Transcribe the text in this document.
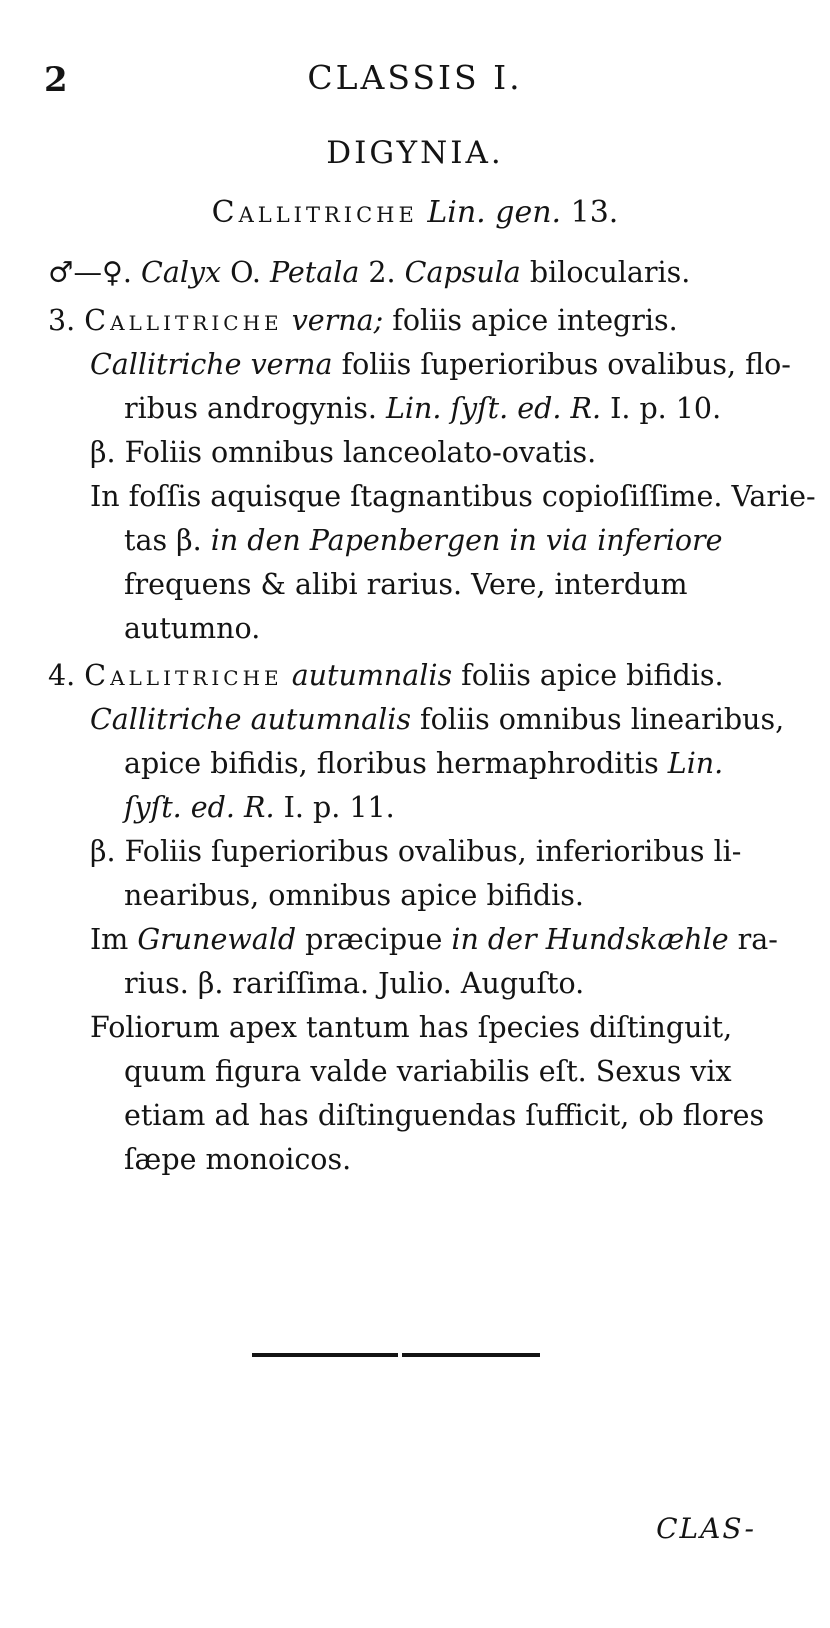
2	CLASSIS I.
DIGYNIA.
Callitriche Lin. gen. 13.
♂—♀. Calyx O. Petala 2. Capsula bilocularis.
3. Callitriche verna; foliis apice integris.
Callitriche verna foliis ſuperioribus ovalibus, flo-
ribus androgynis. Lin. ſyſt. ed. R. I. p. 10.
β. Foliis omnibus lanceolato-ovatis.
In foſſis aquisque ſtagnantibus copioſiſſime. Varie-
tas β. in den Papenbergen in via inferiore
frequens & alibi rarius. Vere, interdum
autumno.
4. Callitriche autumnalis foliis apice bifidis.
Callitriche autumnalis foliis omnibus linearibus,
apice bifidis, floribus hermaphroditis Lin.
ſyſt. ed. R. I. p. 11.
β. Foliis ſuperioribus ovalibus, inferioribus li-
nearibus, omnibus apice bifidis.
Im Grunewald præcipue in der Hundskæhle ra-
rius. β. rariſſima. Julio. Auguſto.
Foliorum apex tantum has ſpecies diſtinguit,
quum figura valde variabilis eſt. Sexus vix
etiam ad has diſtinguendas ſufficit, ob flores
ſæpe monoicos.
CLAS-
